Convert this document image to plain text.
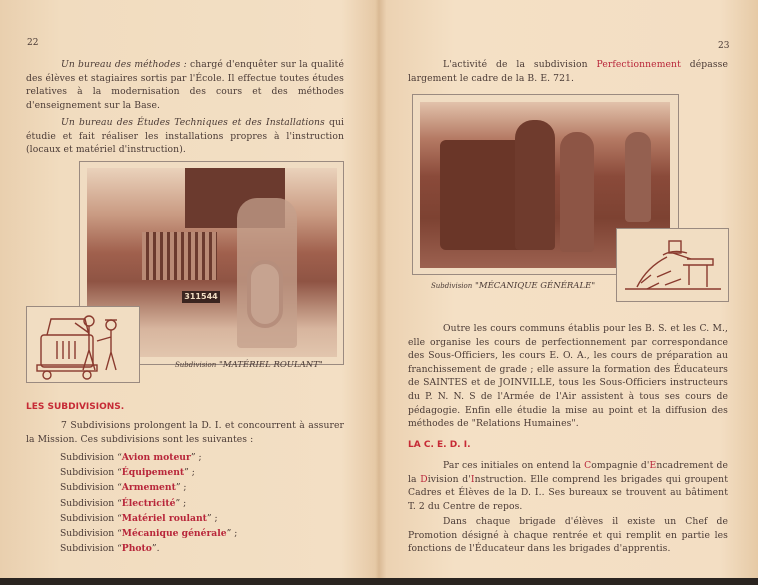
22
Un bureau des méthodes : chargé d'enquêter sur la qualité des élèves et stagiaires sortis par l'École. Il effectue toutes études relatives à la modernisation des cours et des méthodes d'enseignement sur la Base.
Un bureau des Études Techniques et des Installations qui étudie et fait réaliser les installations propres à l'instruction (locaux et matériel d'instruction).
311544
Subdivision "MATÉRIEL ROULANT"
LES SUBDIVISIONS.
7 Subdivisions prolongent la D. I. et concourrent à assurer la Mission. Ces subdivisions sont les suivantes :
Subdivision “Avion moteur” ;
Subdivision “Équipement” ;
Subdivision “Armement” ;
Subdivision “Électricité” ;
Subdivision “Matériel roulant” ;
Subdivision “Mécanique générale” ;
Subdivision “Photo”.
23
L'activité de la subdivision Perfectionnement dépasse largement le cadre de la B. E. 721.
Subdivision "MÉCANIQUE GÉNÉRALE"
Outre les cours communs établis pour les B. S. et les C. M., elle organise les cours de perfectionnement par correspondance des Sous-Officiers, les cours E. O. A., les cours de préparation au franchissement de grade ; elle assure la formation des Éducateurs de SAINTES et de JOINVILLE, tous les Sous-Officiers instructeurs du P. N. N. S de l'Armée de l'Air assistent à tous ses cours de pédagogie. Enfin elle étudie la mise au point et la diffusion des méthodes de "Relations Humaines".
LA C. E. D. I.
Par ces initiales on entend la Compagnie d'Encadrement de la Division d'Instruction. Elle comprend les brigades qui groupent Cadres et Élèves de la D. I.. Ses bureaux se trouvent au bâtiment T. 2 du Centre de repos.
Dans chaque brigade d'élèves il existe un Chef de Promotion désigné à chaque rentrée et qui remplit en partie les fonctions de l'Éducateur dans les brigades d'apprentis.
